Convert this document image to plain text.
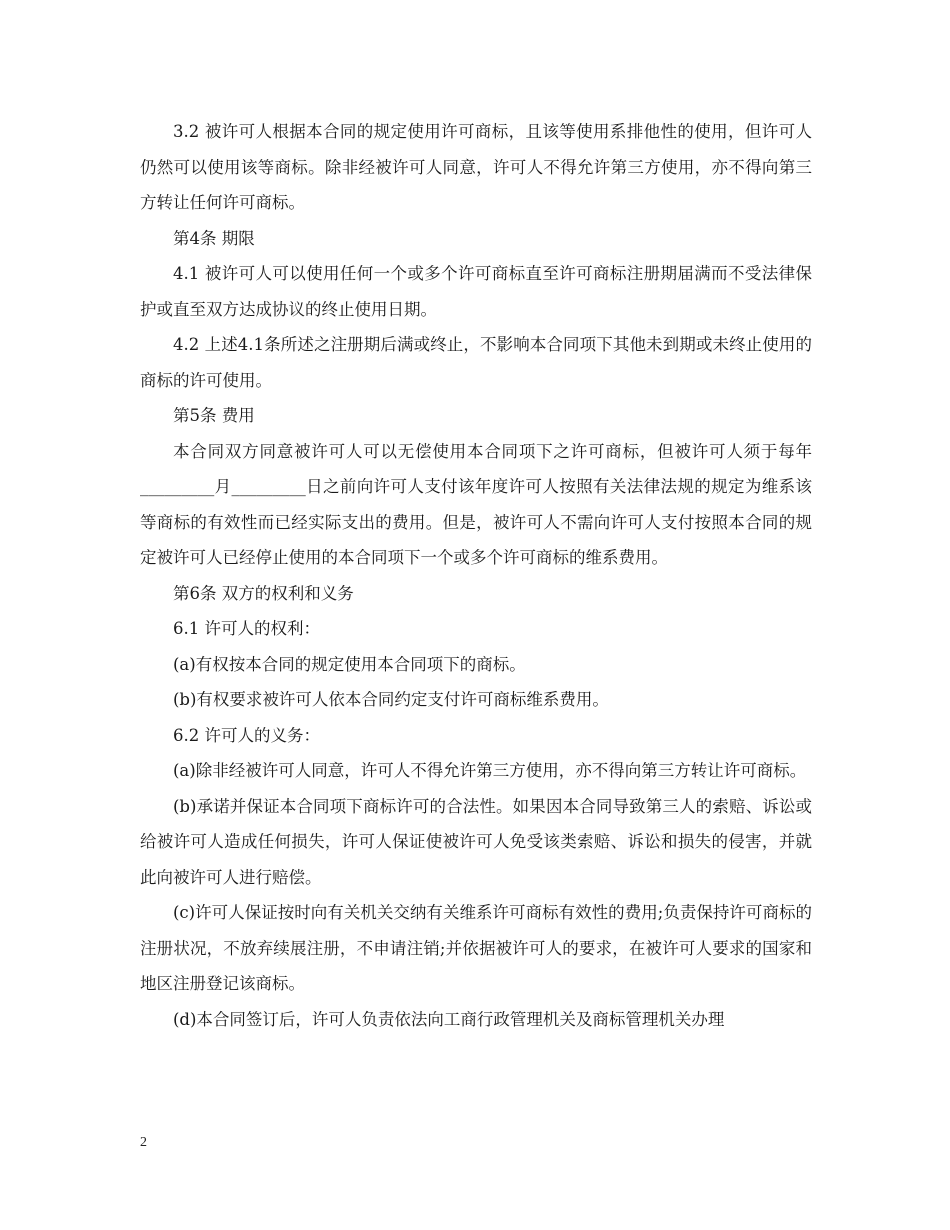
3.2 被许可人根据本合同的规定使用许可商标，且该等使用系排他性的使用，但许可人仍然可以使用该等商标。除非经被许可人同意，许可人不得允许第三方使用，亦不得向第三方转让任何许可商标。

第4条 期限

4.1 被许可人可以使用任何一个或多个许可商标直至许可商标注册期届满而不受法律保护或直至双方达成协议的终止使用日期。

4.2 上述4.1条所述之注册期后满或终止，不影响本合同项下其他未到期或未终止使用的商标的许可使用。

第5条 费用

本合同双方同意被许可人可以无偿使用本合同项下之许可商标，但被许可人须于每年_________月_________日之前向许可人支付该年度许可人按照有关法律法规的规定为维系该等商标的有效性而已经实际支出的费用。但是，被许可人不需向许可人支付按照本合同的规定被许可人已经停止使用的本合同项下一个或多个许可商标的维系费用。

第6条 双方的权利和义务

6.1 许可人的权利：

(a)有权按本合同的规定使用本合同项下的商标。

(b)有权要求被许可人依本合同约定支付许可商标维系费用。

6.2 许可人的义务：

(a)除非经被许可人同意，许可人不得允许第三方使用，亦不得向第三方转让许可商标。

(b)承诺并保证本合同项下商标许可的合法性。如果因本合同导致第三人的索赔、诉讼或给被许可人造成任何损失，许可人保证使被许可人免受该类索赔、诉讼和损失的侵害，并就此向被许可人进行赔偿。

(c)许可人保证按时向有关机关交纳有关维系许可商标有效性的费用;负责保持许可商标的注册状况，不放弃续展注册，不申请注销;并依据被许可人的要求，在被许可人要求的国家和地区注册登记该商标。

(d)本合同签订后，许可人负责依法向工商行政管理机关及商标管理机关办理

2
